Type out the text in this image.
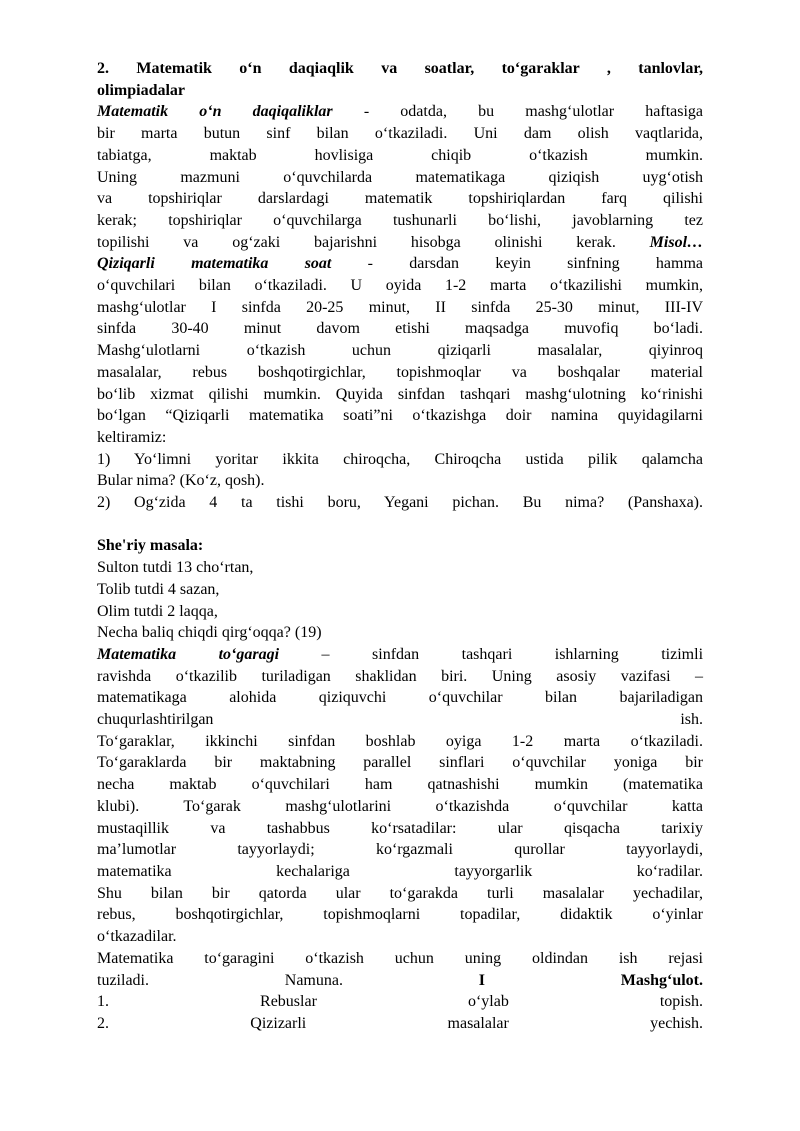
2. Matematik o‘n daqiaqlik va soatlar, to‘garaklar , tanlovlar,

olimpiadalar

Matematik o‘n daqiqaliklar - odatda, bu mashg‘ulotlar haftasiga

bir marta butun sinf bilan o‘tkaziladi. Uni dam olish vaqtlarida,

tabiatga, maktab hovlisiga chiqib o‘tkazish mumkin.

Uning mazmuni o‘quvchilarda matematikaga qiziqish uyg‘otish

va topshiriqlar darslardagi matematik topshiriqlardan farq qilishi

kerak; topshiriqlar o‘quvchilarga tushunarli bo‘lishi, javoblarning tez

topilishi va og‘zaki bajarishni hisobga olinishi kerak. Misol…

Qiziqarli matematika soat - darsdan keyin sinfning hamma

o‘quvchilari bilan o‘tkaziladi. U oyida 1-2 marta o‘tkazilishi mumkin,

mashg‘ulotlar I sinfda 20-25 minut, II sinfda 25-30 minut, III-IV

sinfda 30-40 minut davom etishi maqsadga muvofiq bo‘ladi.

Mashg‘ulotlarni o‘tkazish uchun qiziqarli masalalar, qiyinroq

masalalar, rebus boshqotirgichlar, topishmoqlar va boshqalar material

bo‘lib xizmat qilishi mumkin. Quyida sinfdan tashqari mashg‘ulotning ko‘rinishi

bo‘lgan “Qiziqarli matematika soati”ni o‘tkazishga doir namina quyidagilarni

keltiramiz:

1) Yo‘limni yoritar ikkita chiroqcha, Chiroqcha ustida pilik qalamcha

Bular nima? (Ko‘z, qosh).

2) Og‘zida 4 ta tishi boru, Yegani pichan. Bu nima? (Panshaxa).

She'riy masala:

Sulton tutdi 13 cho‘rtan,

Tolib tutdi 4 sazan,

Olim tutdi 2 laqqa,

Necha baliq chiqdi qirg‘oqqa? (19)

Matematika to‘garagi	– sinfdan tashqari ishlarning tizimli

ravishda o‘tkazilib turiladigan shaklidan biri. Uning asosiy vazifasi –

matematikaga alohida qiziquvchi o‘quvchilar bilan bajariladigan

chuqurlashtirilgan	ish.

To‘garaklar, ikkinchi sinfdan boshlab oyiga 1-2 marta o‘tkaziladi.

To‘garaklarda bir maktabning parallel sinflari o‘quvchilar yoniga bir

necha maktab o‘quvchilari ham qatnashishi mumkin (matematika

klubi). To‘garak mashg‘ulotlarini o‘tkazishda o‘quvchilar katta

mustaqillik va tashabbus ko‘rsatadilar: ular qisqacha tarixiy

ma’lumotlar tayyorlaydi; ko‘rgazmali qurollar tayyorlaydi,

matematika kechalariga tayyorgarlik ko‘radilar.

Shu bilan bir qatorda ular to‘garakda turli masalalar yechadilar,

rebus, boshqotirgichlar, topishmoqlarni topadilar, didaktik o‘yinlar

o‘tkazadilar.

Matematika to‘garagini o‘tkazish uchun uning oldindan ish rejasi

tuziladi.	Namuna.	I	Mashg‘ulot.

1.	Rebuslar	o‘ylab	topish.

2.	Qizizarli	masalalar	yechish.
